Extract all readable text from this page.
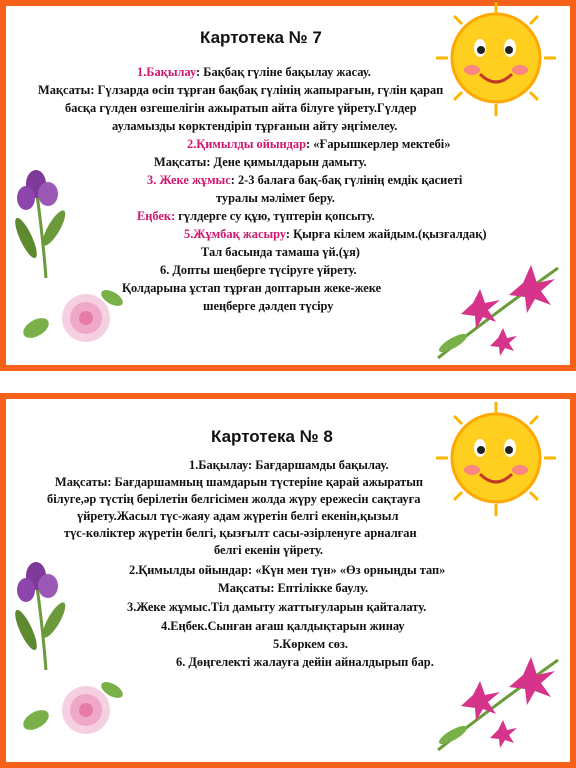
Картотека № 7
1.Бақылау: Бақбақ гүліне бақылау жасау.
Мақсаты: Гүлзарда өсіп тұрған бақбақ гүлінің жапырағын, гүлін қарап
басқа гүлден өзгешелігін ажыратып айта білуге үйрету.Гүлдер
ауламызды көрктендіріп тұрғанын айту әңгімелеу.
2.Қимылды ойындар: «Ғарышкерлер мектебі»
Мақсаты: Дене қимылдарын дамыту.
3. Жеке жұмыс: 2-3 балаға бақ-бақ гүлінің емдік қасиеті
туралы мәлімет беру.
Еңбек: гүлдерге су құю, түптерін қопсыту.
5.Жұмбақ жасыру: Қырға кілем жайдым.(қызғалдақ)
Тал басында тамаша үй.(ұя)
6. Допты шеңберге түсіруге үйрету.
Қолдарына ұстап тұрған доптарын жеке-жеке
шеңберге дәлдеп түсіру
Картотека № 8
1.Бақылау: Бағдаршамды бақылау.
Мақсаты: Бағдаршамның шамдарын түстеріне қарай ажыратып
білуге,әр түстің берілетін белгісімен жолда жүру ережесін сақтауға
үйрету.Жасыл түс-жаяу адам жүретін белгі екенін,қызыл
түс-көліктер жүретін белгі, қызғылт сасы-әзірленуге арналған
белгі екенін үйрету.
2.Қимылды ойындар: «Күн мен түн» «Өз орныңды тап»
Мақсаты: Ептілікке баулу.
3.Жеке жұмыс.Тіл дамыту жаттығуларын қайталату.
4.Еңбек.Сынған ағаш қалдықтарын жинау
5.Көркем сөз.
6. Дөңгелекті жалауға дейін айналдырып бар.
